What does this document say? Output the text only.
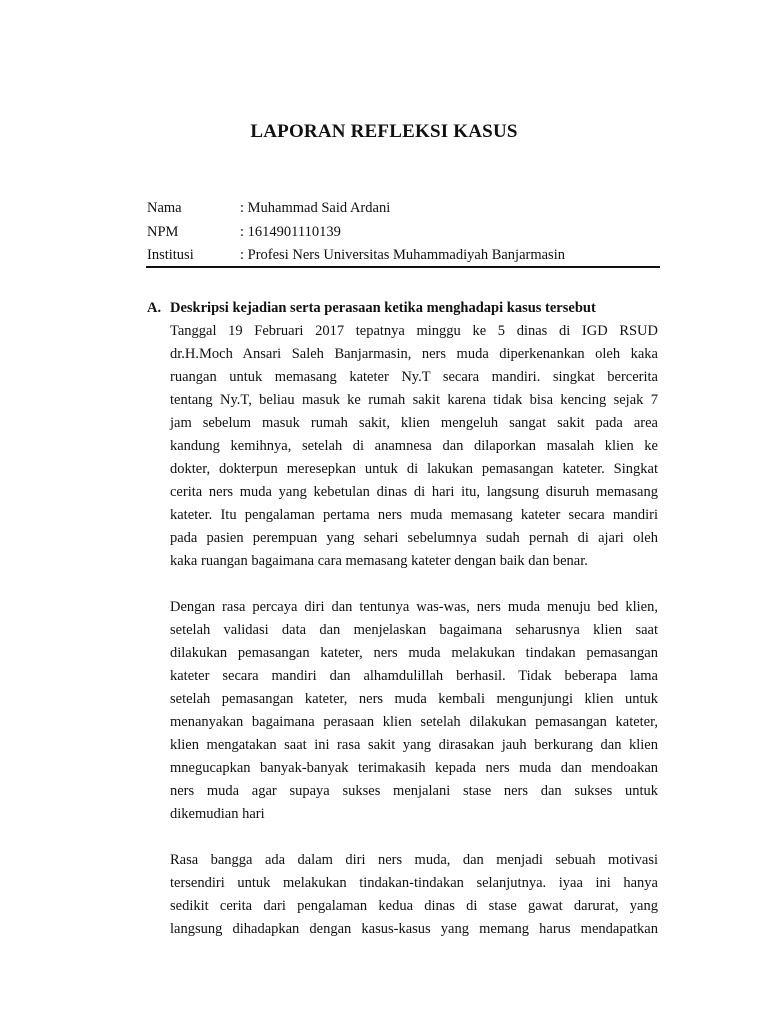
LAPORAN REFLEKSI KASUS
Nama	: Muhammad Said Ardani
NPM	: 1614901110139
Institusi	: Profesi Ners Universitas Muhammadiyah Banjarmasin
A. Deskripsi kejadian serta perasaan ketika menghadapi kasus tersebut

Tanggal 19 Februari 2017 tepatnya minggu ke 5 dinas di IGD RSUD
dr.H.Moch Ansari Saleh Banjarmasin, ners muda diperkenankan oleh kaka
ruangan untuk memasang kateter Ny.T secara mandiri. singkat bercerita
tentang Ny.T, beliau masuk ke rumah sakit karena tidak bisa kencing sejak 7
jam sebelum masuk rumah sakit, klien mengeluh sangat sakit pada area
kandung kemihnya, setelah di anamnesa dan dilaporkan masalah klien ke
dokter, dokterpun meresepkan untuk di lakukan pemasangan kateter. Singkat
cerita ners muda yang kebetulan dinas di hari itu, langsung disuruh memasang
kateter. Itu pengalaman pertama ners muda memasang kateter secara mandiri
pada pasien perempuan yang sehari sebelumnya sudah pernah di ajari oleh
kaka ruangan bagaimana cara memasang kateter dengan baik dan benar.

Dengan rasa percaya diri dan tentunya was-was, ners muda menuju bed klien,
setelah validasi data dan menjelaskan bagaimana seharusnya klien saat
dilakukan pemasangan kateter, ners muda melakukan tindakan pemasangan
kateter secara mandiri dan alhamdulillah berhasil. Tidak beberapa lama
setelah pemasangan kateter, ners muda kembali mengunjungi klien untuk
menanyakan bagaimana perasaan klien setelah dilakukan pemasangan kateter,
klien mengatakan saat ini rasa sakit yang dirasakan jauh berkurang dan klien
mnegucapkan banyak-banyak terimakasih kepada ners muda dan mendoakan
ners muda agar supaya sukses menjalani stase ners dan sukses untuk
dikemudian hari

Rasa bangga ada dalam diri ners muda, dan menjadi sebuah motivasi
tersendiri untuk melakukan tindakan-tindakan selanjutnya. iyaa ini hanya
sedikit cerita dari pengalaman kedua dinas di stase gawat darurat, yang
langsung dihadapkan dengan kasus-kasus yang memang harus mendapatkan
